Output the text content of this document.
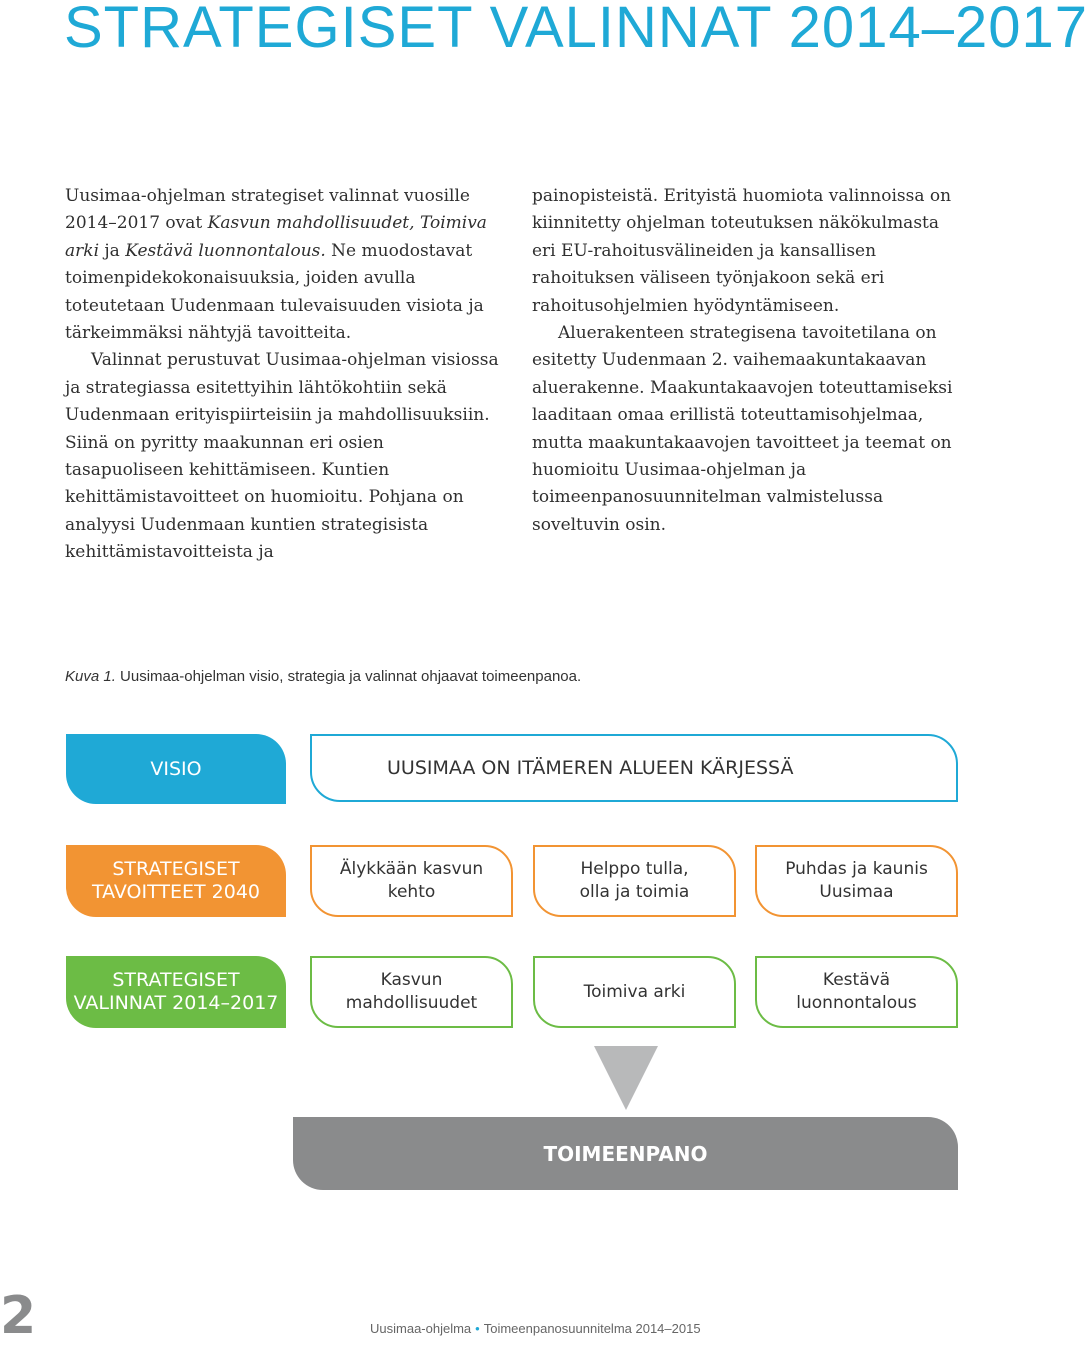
STRATEGISET VALINNAT 2014–2017

Uusimaa-ohjelman strategiset valinnat vuosille 2014–2017 ovat Kasvun mahdollisuudet, Toimiva arki ja Kestävä luonnontalous. Ne muodostavat toimenpidekokonaisuuksia, joiden avulla toteutetaan Uudenmaan tulevaisuuden visiota ja tärkeimmäksi nähtyjä tavoitteita.

Valinnat perustuvat Uusimaa-ohjelman visiossa ja strategiassa esitettyihin lähtökohtiin sekä Uudenmaan erityispiirteisiin ja mahdollisuuksiin. Siinä on pyritty maakunnan eri osien tasapuoliseen kehittämiseen. Kuntien kehittämistavoitteet on huomioitu. Pohjana on analyysi Uudenmaan kuntien strategisista kehittämistavoitteista ja

painopisteistä. Erityistä huomiota valinnoissa on kiinnitetty ohjelman toteutuksen näkökulmasta eri EU-rahoitusvälineiden ja kansallisen rahoituksen väliseen työnjakoon sekä eri rahoitusohjelmien hyödyntämiseen.

Aluerakenteen strategisena tavoitetilana on esitetty Uudenmaan 2. vaihemaakuntakaavan aluerakenne. Maakuntakaavojen toteuttamiseksi laaditaan omaa erillistä toteuttamisohjelmaa, mutta maakuntakaavojen tavoitteet ja teemat on huomioitu Uusimaa-ohjelman ja toimeenpanosuunnitelman valmistelussa soveltuvin osin.

Kuva 1. Uusimaa-ohjelman visio, strategia ja valinnat ohjaavat toimeenpanoa.

VISIO	UUSIMAA ON ITÄMEREN ALUEEN KÄRJESSÄ
STRATEGISET
TAVOITTEET 2040
Älykkään kasvun
kehto
Helppo tulla,
olla ja toimia
Puhdas ja kaunis
Uusimaa
STRATEGISET
VALINNAT 2014–2017
Kasvun
mahdollisuudet
Toimiva arki
Kestävä
luonnontalous
TOIMEENPANO

2	Uusimaa-ohjelma • Toimeenpanosuunnitelma 2014–2015
